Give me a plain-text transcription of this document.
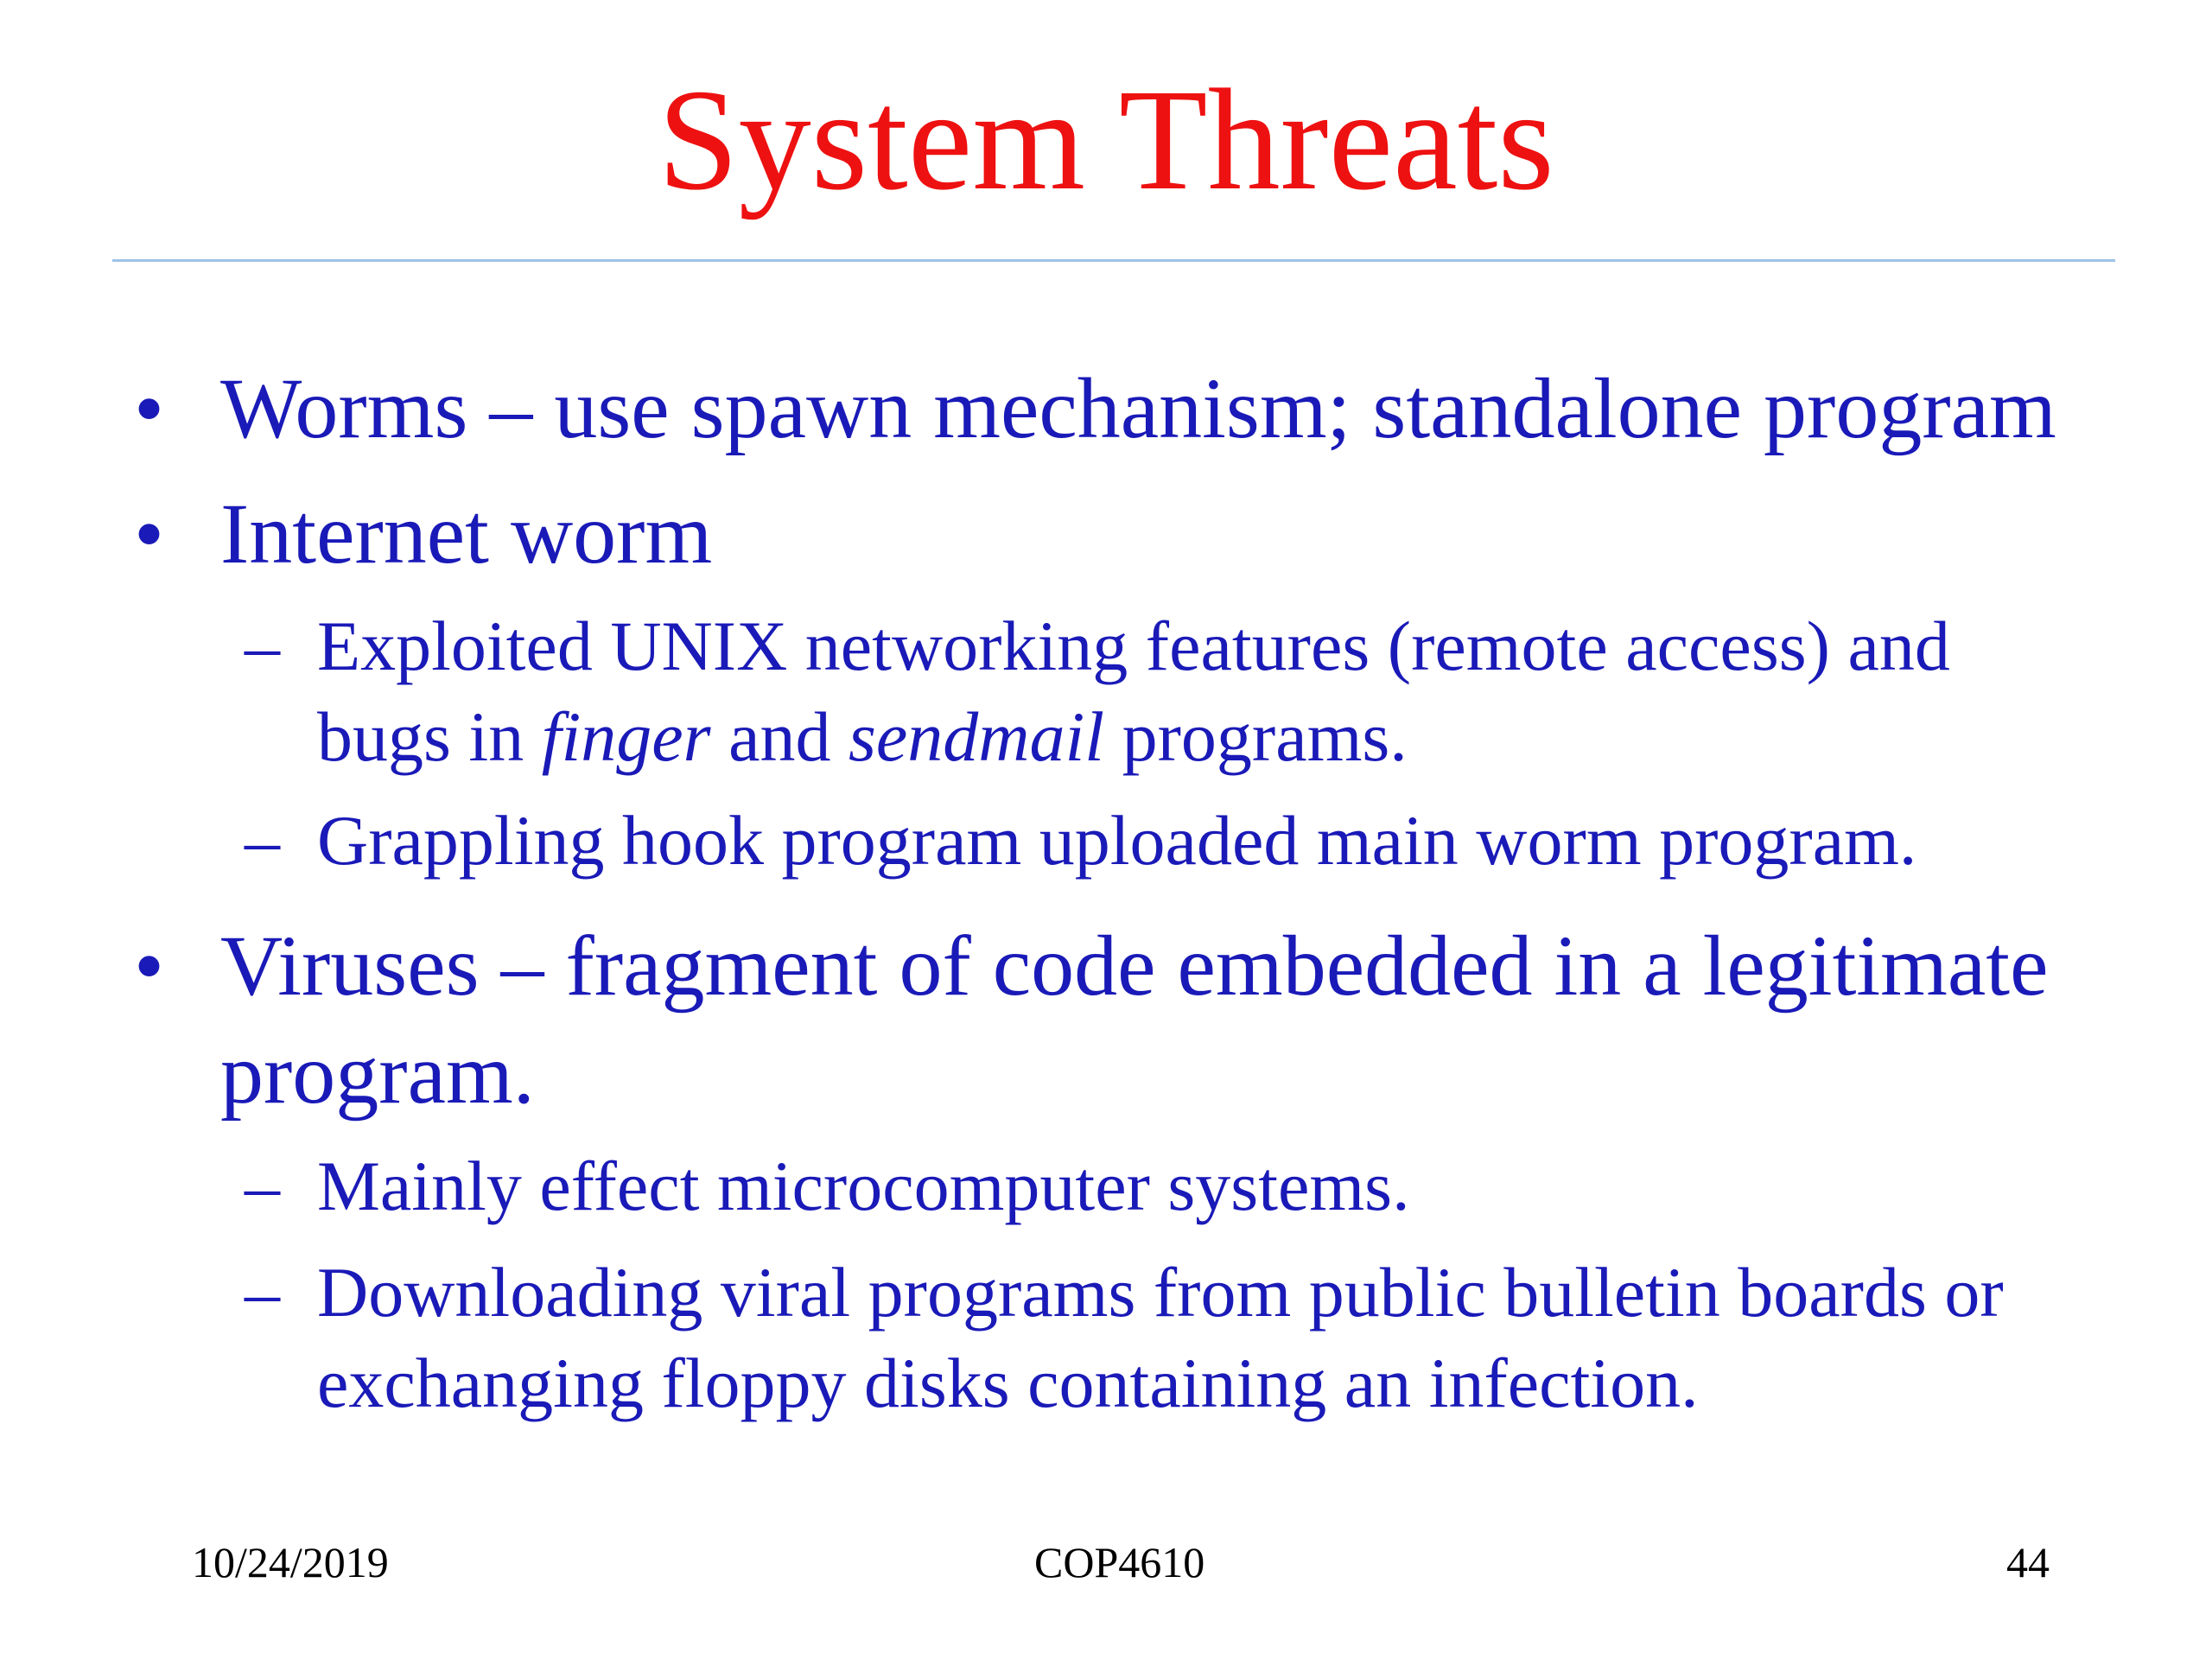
System Threats
• Worms – use spawn mechanism; standalone program
• Internet worm
– Exploited UNIX networking features (remote access) and
bugs in finger and sendmail programs.
– Grappling hook program uploaded main worm program.
• Viruses – fragment of code embedded in a legitimate
program.
– Mainly effect microcomputer systems.
– Downloading viral programs from public bulletin boards or
exchanging floppy disks containing an infection.
10/24/2019	COP4610	44
